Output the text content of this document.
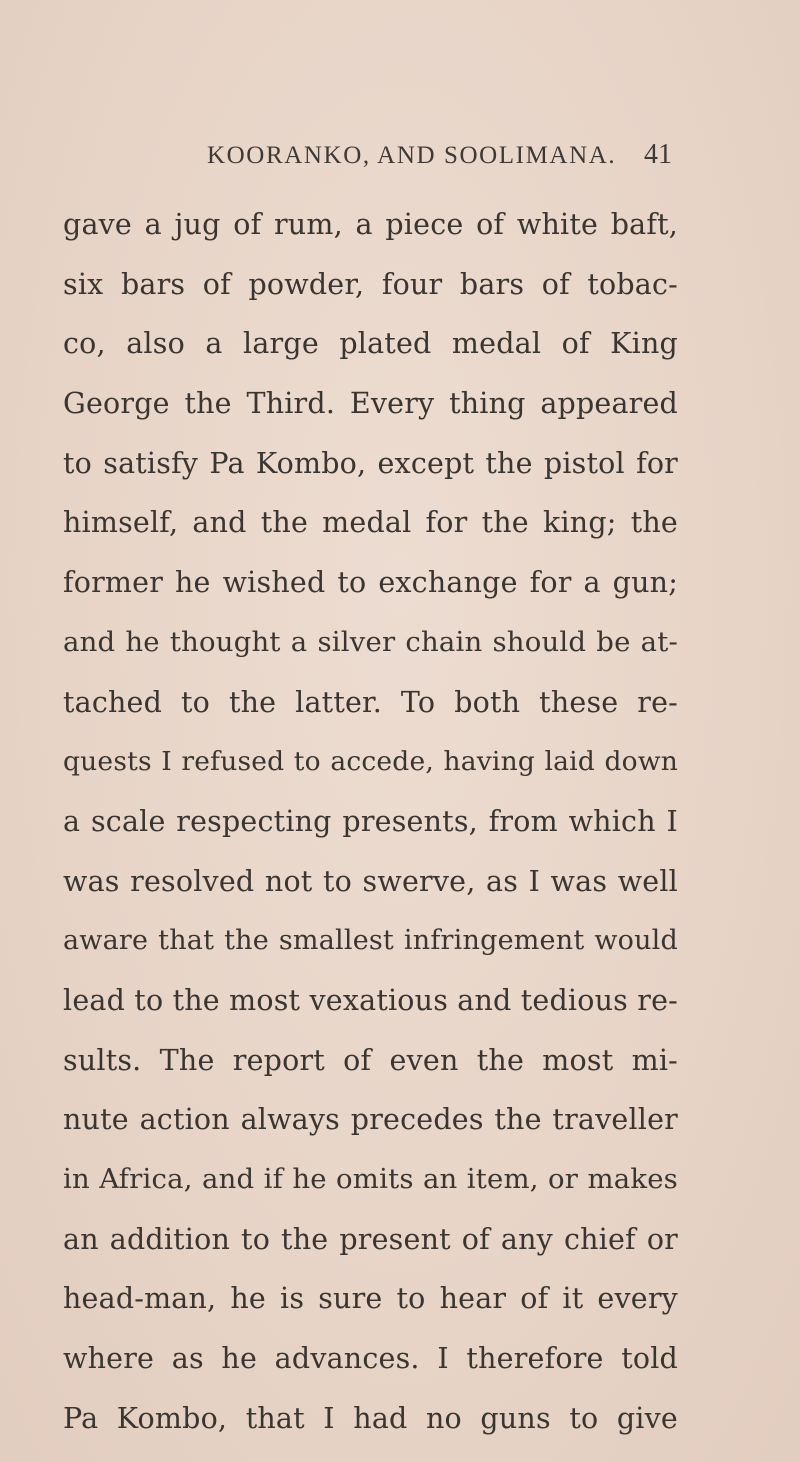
KOORANKO, AND SOOLIMANA. 41
gave a jug of rum, a piece of white baft,
six bars of powder, four bars of tobac-
co, also a large plated medal of King
George the Third. Every thing appeared
to satisfy Pa Kombo, except the pistol for
himself, and the medal for the king; the
former he wished to exchange for a gun;
and he thought a silver chain should be at-
tached to the latter. To both these re-
quests I refused to accede, having laid down
a scale respecting presents, from which I
was resolved not to swerve, as I was well
aware that the smallest infringement would
lead to the most vexatious and tedious re-
sults. The report of even the most mi-
nute action always precedes the traveller
in Africa, and if he omits an item, or makes
an addition to the present of any chief or
head-man, he is sure to hear of it every
where as he advances. I therefore told
Pa Kombo, that I had no guns to give
